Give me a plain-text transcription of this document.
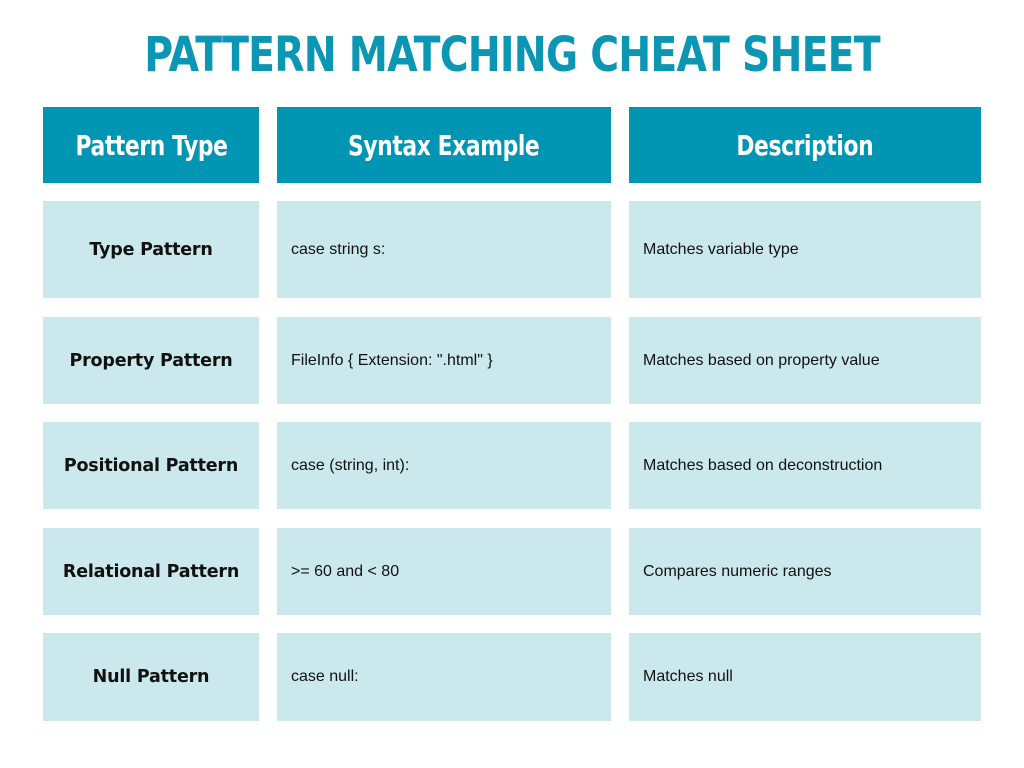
PATTERN MATCHING CHEAT SHEET
Pattern Type	Syntax Example	Description
Type Pattern	case string s:	Matches variable type
Property Pattern	FileInfo { Extension: ".html" }	Matches based on property value
Positional Pattern	case (string, int):	Matches based on deconstruction
Relational Pattern	>= 60 and < 80	Compares numeric ranges
Null Pattern	case null:	Matches null
